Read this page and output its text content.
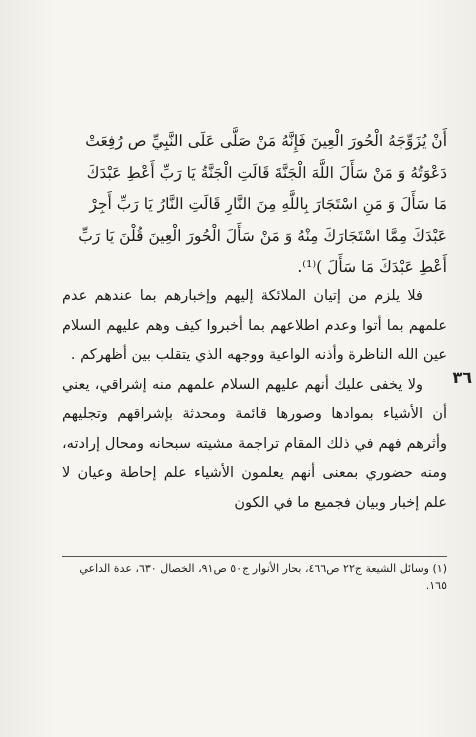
أَنْ يُزَوِّجَهُ الْحُورَ الْعِينَ فَإِنَّهُ مَنْ صَلَّى عَلَى النَّبِيِّ ص رُفِعَتْ

دَعْوَتُهُ وَ مَنْ سَأَلَ اللَّهَ الْجَنَّةَ قَالَتِ الْجَنَّةُ يَا رَبِّ أَعْطِ عَبْدَكَ

مَا سَأَلَ وَ مَنِ اسْتَجَارَ بِاللَّهِ مِنَ النَّارِ قَالَتِ النَّارُ يَا رَبِّ أَجِرْ

عَبْدَكَ مِمَّا اسْتَجَارَكَ مِنْهُ وَ مَنْ سَأَلَ الْحُورَ الْعِينَ قُلْنَ يَا رَبِّ

أَعْطِ عَبْدَكَ مَا سَأَلَ )⁽¹⁾.

فلا يلزم من إتيان الملائكة إليهم وإخبارهم بما عندهم عدم علمهم بما أتوا وعدم اطلاعهم بما أخبروا كيف وهم عليهم السلام عين الله الناظرة وأذنه الواعية ووجهه الذي يتقلب بين أظهركم .

ولا يخفى عليك أنهم عليهم السلام علمهم منه إشراقي، يعني أن الأشياء بموادها وصورها قائمة ومحدثة بإشراقهم وتجليهم وأثرهم فهم في ذلك المقام تراجمة مشيته سبحانه ومحال إرادته، ومنه حضوري بمعنى أنهم يعلمون الأشياء علم إحاطة وعيان لا علم إخبار وبيان فجميع ما في الكون

٣٦
(١) وسائل الشيعة ج٢٢ ص٤٦٦، بحار الأنوار ج٥٠ ص٩١، الخصال ٦٣٠، عدة الداعي ١٦٥.
